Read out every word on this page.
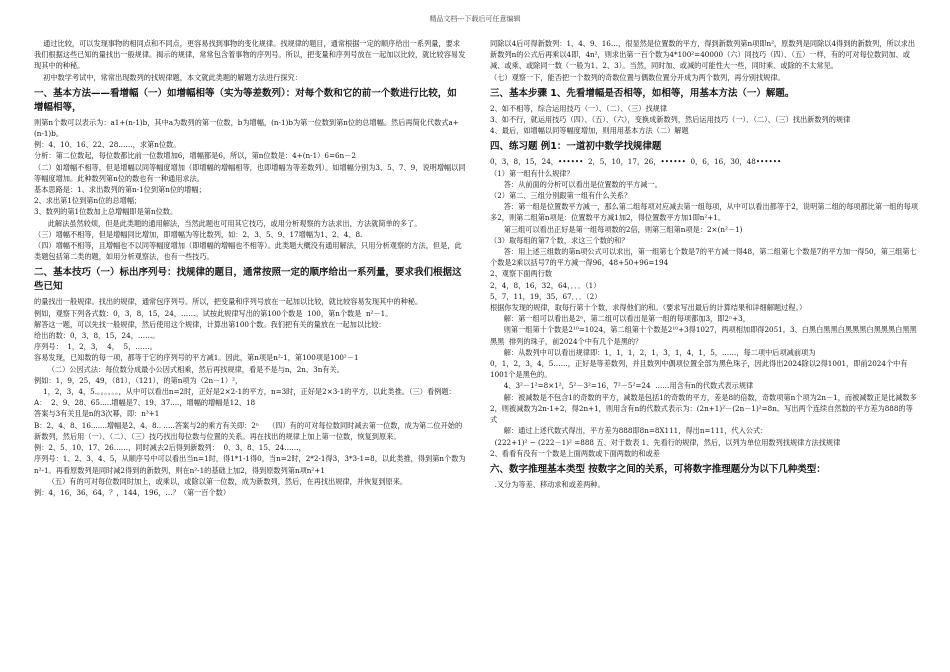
精品文档---下载后可任意编辑

通过比较，可以发现事物的相同点和不同点，更容易找到事物的变化规律。找规律的题目，通常根据一定的顺序给出一系列量，要求我们根据这些已知的量找出一般规律。揭示的规律，常常包含着事物的序列号。所以，把变量和序列号放在一起加以比较，就比较容易发现其中的种秘。

初中数学考试中，常常出现数列的找规律题，本文就此类题的解题方法进行探究：

一、基本方法——看增幅（一）如增幅相等（实为等差数列）：对每个数和它的前一个数进行比较，如增幅相等，

则第n个数可以表示为：a1+(n-1)b，其中a为数列的第一位数，b为增幅，(n-1)b为第一位数到第n位的总增幅。然后再简化代数式a+(n-1)b。

例：4、10、16、22、28……，求第n位数。

分析：第二位数起，每位数都比前一位数增加6，增幅都是6，所以，第n位数是：4+(n-1）6=6n－2

（二）如增幅不相等，但是增幅以同等幅度增加（即增幅的增幅相等，也即增幅为等差数列）。如增幅分别为3、5、7、9，说明增幅以同等幅度增加。此种数列第n位的数也有一种通用求法。

基本思路是：1、求出数列的第n-1位到第n位的增幅；

2、求出第1位到第n位的总增幅；

3、数列的第1位数加上总增幅即是第n位数。

此解法虽然较烦，但是此类题的通用解法，当然此题也可用其它技巧，或用分析观察的方法求出，方法就简单的多了。

（三）增幅不相等，但是增幅同比增加，即增幅为等比数列，如：2、3、5、9、17增幅为1、2、4、8.

（四）增幅不相等，且增幅也不以同等幅度增加（即增幅的增幅也不相等）。此类题大概没有通用解法，只用分析观察的方法，但是，此类题包括第二类的题，如用分析观察法，也有一些技巧。

二、基本技巧（一）标出序列号：找规律的题目，通常按照一定的顺序给出一系列量，要求我们根据这些已知

的量找出一般规律。找出的规律，通常包序列号。所以，把变量和序列号放在一起加以比较，就比较容易发现其中的种秘。

例如，观察下列各式数：0，3，8，15，24，……。试按此规律写出的第100个数是  100，第n个数是  n²－1。

解答这一题，可以先找一般规律，然后使用这个规律，计算出第100个数。我们把有关的量放在一起加以比较：

给出的数：0，3，8，15，24，……。

序列号：  1，2，3，  4，  5，……。

容易发现，已知数的每一项，都等于它的序列号的平方减1。因此，第n项是n²-1，第100项是100²－1

（二）公因式法：每位数分成最小公因式相乘，然后再找规律，看是不是与n，2n、3n有关。

例如：1，9，25，49，（81），（121），的第n项为（2n－1）²，

1，2，3，4，5.。。。。。。，从中可以看出n=2时，正好是2×2-1的平方，n=3时，正好是2×3-1的平方，以此类推。（三）看例题：

A：  2、9、28、65.....增幅是7、19、37....，增幅的增幅是12、18

答案与3有关且是n的3次幂，即：n³+1

B：2、4、8、16.......增幅是2、4、8.. .....答案与2的乘方有关即：2ⁿ    （四）有的可对每位数同时减去第一位数，成为第二位开始的新数列，然后用（一）、（二）、（三）技巧找出每位数与位置的关系。再在找出的规律上加上第一位数，恢复到原来。

例：2、5、10、17、26……，同时减去2后得到新数列：  0、3、8、15、24……，

序列号：1、2、3、4、5，从顺序号中可以看出当n=1时，得1*1-1得0，当n=2时，2*2-1得3，3*3-1=8，以此类推，得到第n个数为n²-1。再看原数列是同时减2得到的新数列，则在n²-1的基础上加2，得到原数列第n项n²+1

（五）有的可对每位数同时加上，或乘以，或除以第一位数，成为新数列，然后，在再找出规律，并恢复到原来。

例：4，16，36，64，？，144，196，…？（第一百个数）

同除以4后可得新数列：1、4、9、16…，很显然是位置数的平方，得到新数列第n项即n²，原数列是同除以4得到的新数列，所以求出新数列n的公式后再乘以4即，4n²，则求出第一百个数为4*100²=40000（六）同技巧（四）、（五）一样，有的可对每位数同加、或减、或乘、或除同一数（一般为1、2、3）。当然，同时加、或减的可能性大一些，同时乘、或除的不太常见。

（七）观察一下，能否把一个数列的奇数位置与偶数位置分开成为两个数列，再分别找规律。

三、基本步骤 1、先看增幅是否相等，如相等，用基本方法（一）解题。

2、如不相等，综合运用技巧（一）、（二）、（三）找规律

3、如不行，就运用技巧（四）、（五）、（六），变换成新数列，然后运用技巧（一）、（二）、（三）找出新数列的规律

4、最后，如增幅以同等幅度增加，则用用基本方法（二）解题

四、练习题 例1：一道初中数学找规律题

0，3，8，15，24，••••••  2，5，10，17，26，••••••  0，6，16，30，48••••••

（1）第一组有什么规律？

答：从前面的分析可以看出是位置数的平方减一。

（2）第二、三组分别跟第一组有什么关系？

答：第一组是位置数平方减一，那么第二组每项对应减去第一组每项，从中可以看出都等于2，说明第二组的每项都比第一组的每项多2，则第二组第n项是：位置数平方减1加2，得位置数平方加1即n²+1。

第三组可以看出正好是第一组每项数的2倍，则第三组第n项是：2×(n²－1)

（3）取每组的第7个数，求这三个数的和？

答：用上述三组数的第n项公式可以求出，第一组第七个数是7的平方减一得48，第二组第七个数是7的平方加一得50，第三组第七个数是2乘以括号7的平方减一得96，48+50+96=194

2、观察下面两行数

2，4，8，16，32，64，．．．（1）

5，7，11，19，35，67．．．（2）

根据你发现的规律，取每行第十个数，求得他们的和。（要求写出最后的计算结果和详细解题过程。）

解：第一组可以看出是2ⁿ，第二组可以看出是第一组的每项都加3，即2ⁿ+3，

则第一组第十个数是2¹⁰=1024，第二组第十个数是2¹⁰+3得1027，两项相加即得2051。3、白黑白黑黑白黑黑黑白黑黑黑白黑黑黑黑  排列的珠子，前2024个中有几个是黑的？

解：从数列中可以看出规律即：1，1，1，2，1，3，1，4，1，5，……，每二项中后项减前项为

0，1，2，3，4，5……，正好是等差数列，并且数列中偶项位置全部为黑色珠子，因此得出2024除以2得1001，即前2024个中有1001个是黑色的。

4、3²－1²=8×1²，5²－3²=16，7²－5²=24  ……用含有n的代数式表示规律

解：被减数是不包含1的奇数的平方，减数是包括1的奇数的平方，差是8的倍数，奇数项第n个项为2n－1，而被减数正是比减数多2，则被减数为2n-1+2，得2n+1，则用含有n的代数式表示为：(2n+1)²－(2n－1)²=8n。写出两个连续自然数的平方差为888的等式

解：通过上述代数式得出，平方差为888即8n=8X111，得出n=111，代入公式：

(222+1)² − (222－1)² =888 五、对于数表 1、先看行的规律，然后，以列为单位用数列找规律方法找规律

2、看看有没有一个数是上面两数或下面两数的和或差

六、数字推理基本类型 按数字之间的关系，可将数字推理题分为以下几种类型：

.又分为等差、移动求和或差两种。
